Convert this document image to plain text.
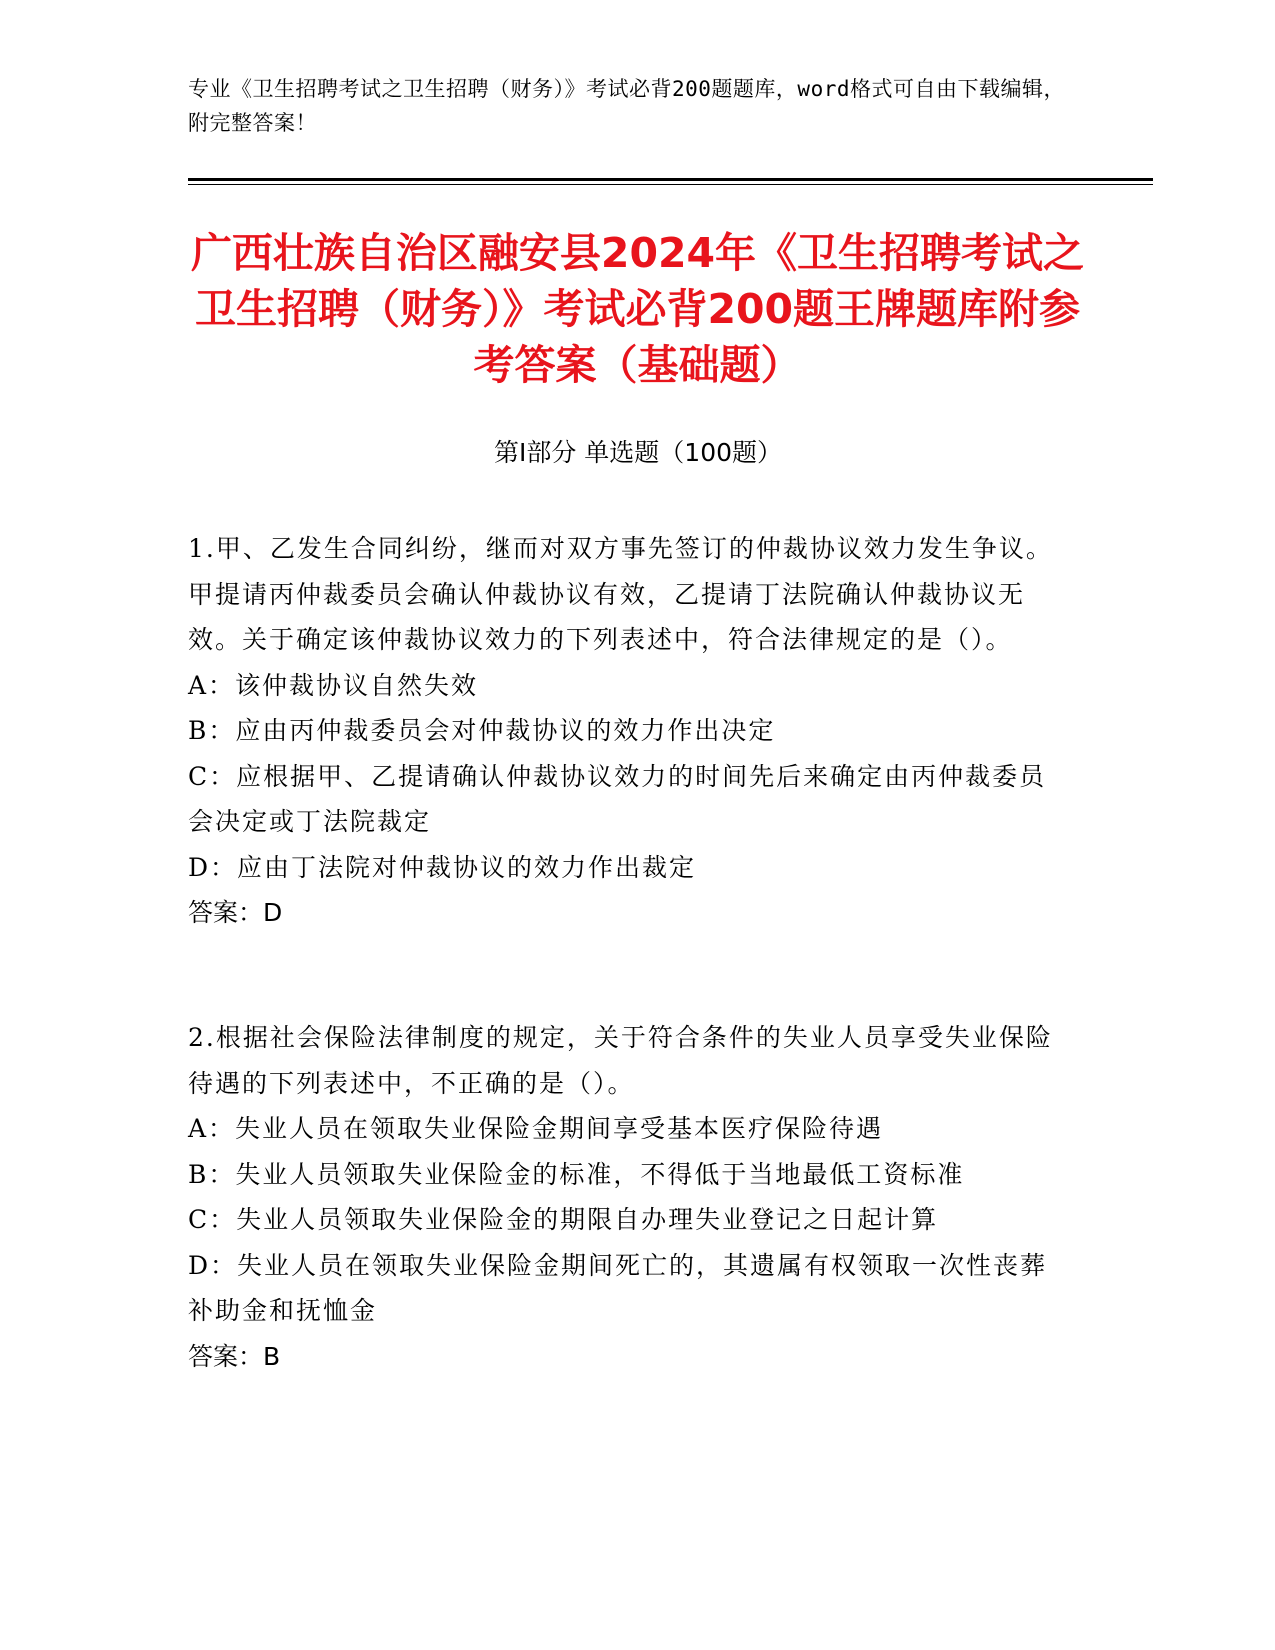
专业《卫生招聘考试之卫生招聘（财务）》考试必背200题题库，word格式可自由下载编辑，附完整答案！
广西壮族自治区融安县2024年《卫生招聘考试之卫生招聘（财务）》考试必背200题王牌题库附参考答案（基础题）
第I部分 单选题（100题）

1.甲、乙发生合同纠纷，继而对双方事先签订的仲裁协议效力发生争议。甲提请丙仲裁委员会确认仲裁协议有效，乙提请丁法院确认仲裁协议无效。关于确定该仲裁协议效力的下列表述中，符合法律规定的是（）。

A：该仲裁协议自然失效

B：应由丙仲裁委员会对仲裁协议的效力作出决定

C：应根据甲、乙提请确认仲裁协议效力的时间先后来确定由丙仲裁委员会决定或丁法院裁定

D：应由丁法院对仲裁协议的效力作出裁定

答案：D

2.根据社会保险法律制度的规定，关于符合条件的失业人员享受失业保险待遇的下列表述中，不正确的是（）。

A：失业人员在领取失业保险金期间享受基本医疗保险待遇

B：失业人员领取失业保险金的标准，不得低于当地最低工资标准

C：失业人员领取失业保险金的期限自办理失业登记之日起计算

D：失业人员在领取失业保险金期间死亡的，其遗属有权领取一次性丧葬补助金和抚恤金

答案：B
